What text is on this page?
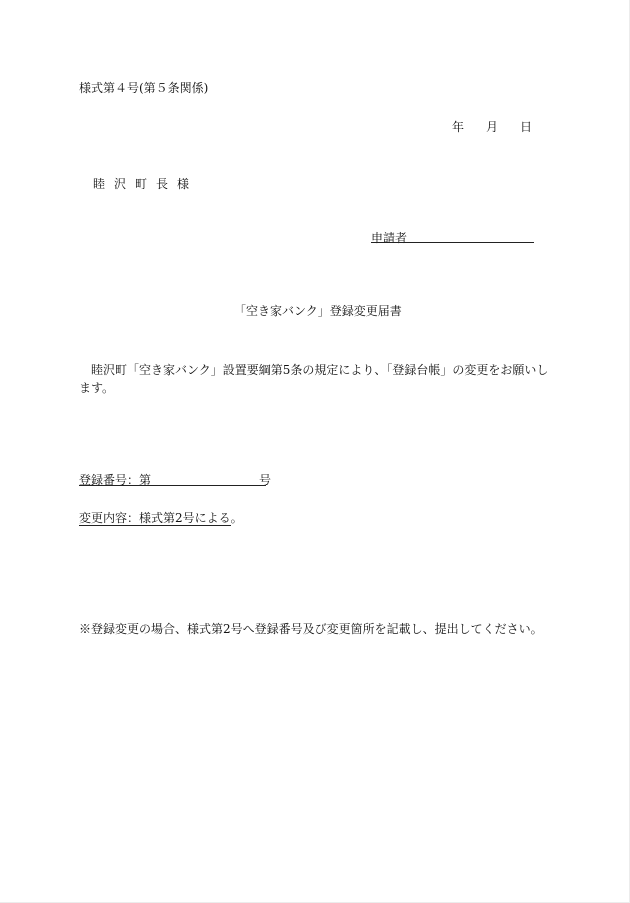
様式第４号(第５条関係)
年 月 日
睦沢町長様
申請者
「空き家バンク」登録変更届書
睦沢町「空き家バンク」設置要綱第5条の規定により、「登録台帳」の変更をお願いします。
登録番号：第	号
変更内容：様式第2号による。
※登録変更の場合、様式第2号へ登録番号及び変更箇所を記載し、提出してください。
